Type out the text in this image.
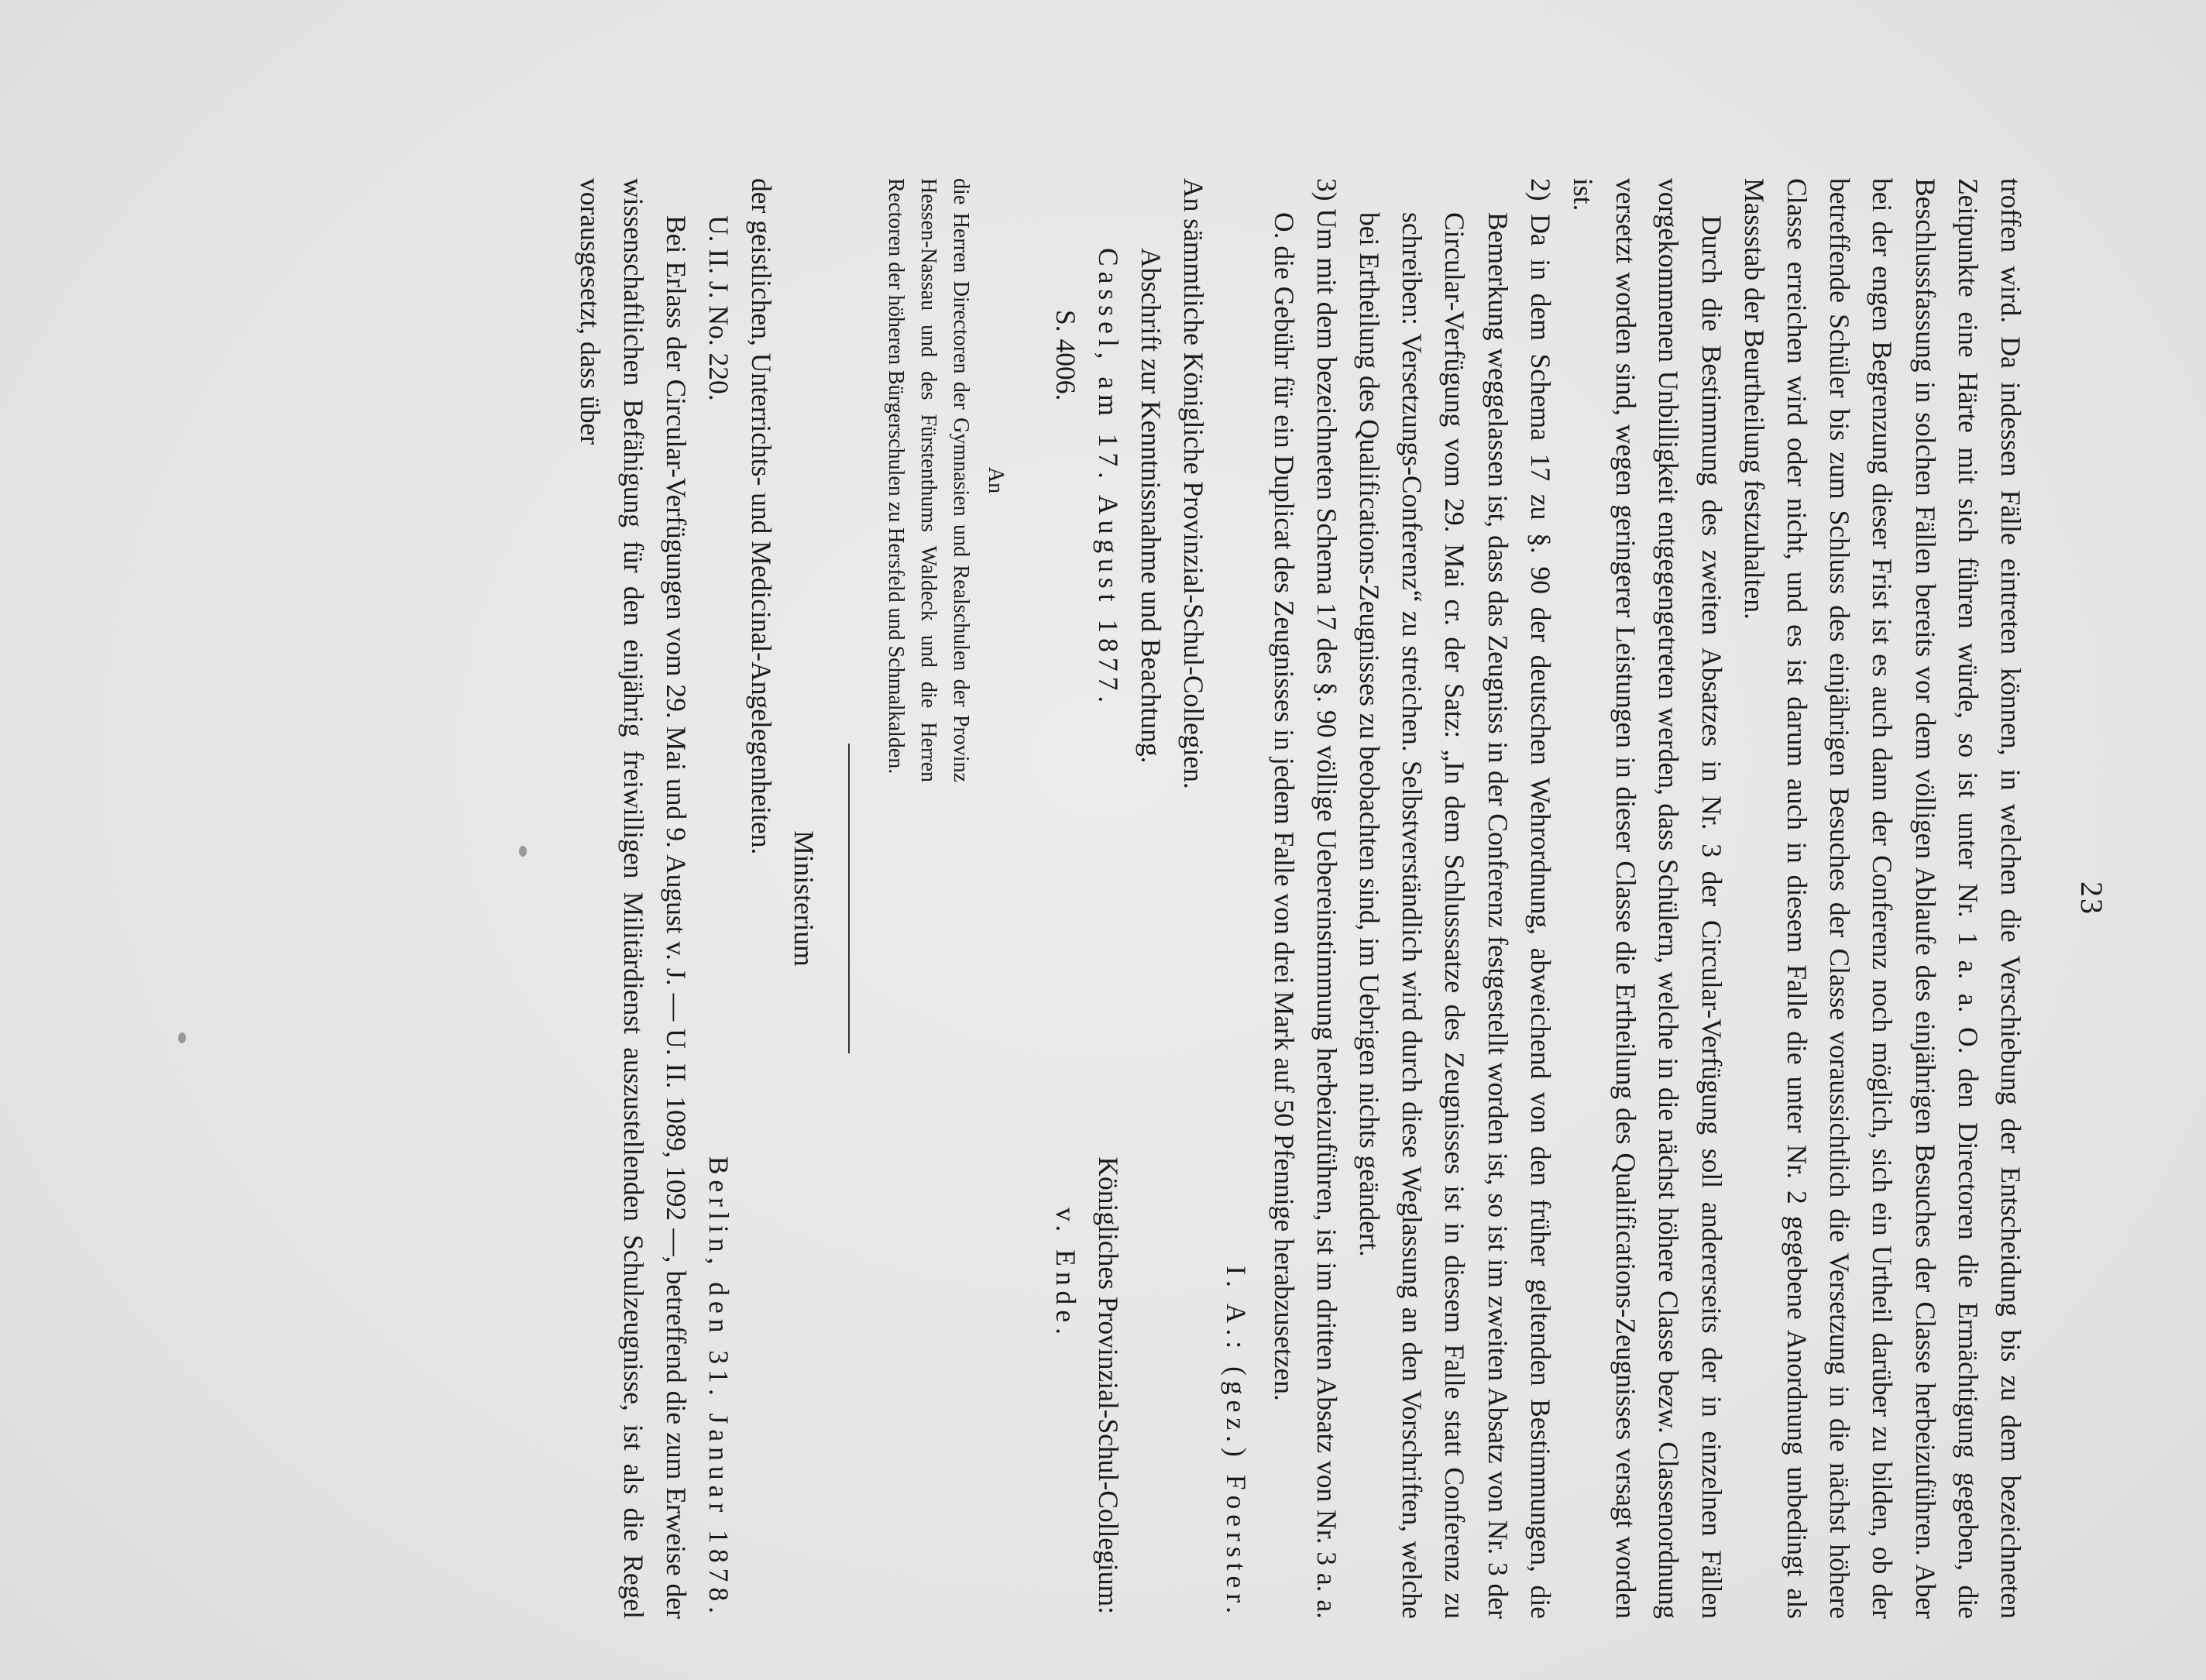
23

troffen wird. Da indessen Fälle eintreten können, in welchen die Verschiebung der Entscheidung bis zu dem bezeichneten Zeitpunkte eine Härte mit sich führen würde, so ist unter Nr. 1 a. a. O. den Directoren die Ermächtigung gegeben, die Beschlussfassung in solchen Fällen bereits vor dem völligen Ablaufe des einjährigen Besuches der Classe herbeizuführen. Aber bei der engen Begrenzung dieser Frist ist es auch dann der Conferenz noch möglich, sich ein Urtheil darüber zu bilden, ob der betreffende Schüler bis zum Schluss des einjährigen Besuches der Classe voraussichtlich die Versetzung in die nächst höhere Classe erreichen wird oder nicht, und es ist darum auch in diesem Falle die unter Nr. 2 gegebene Anordnung unbedingt als Massstab der Beurtheilung festzuhalten.

Durch die Bestimmung des zweiten Absatzes in Nr. 3 der Circular-Verfügung soll andererseits der in einzelnen Fällen vorgekommenen Unbilligkeit entgegengetreten werden, dass Schülern, welche in die nächst höhere Classe bezw. Classenordnung versetzt worden sind, wegen geringerer Leistungen in dieser Classe die Ertheilung des Qualifications-Zeugnisses versagt worden ist.

2) Da in dem Schema 17 zu §. 90 der deutschen Wehrordnung, abweichend von den früher geltenden Bestimmungen, die Bemerkung weggelassen ist, dass das Zeugniss in der Conferenz festgestellt worden ist, so ist im zweiten Absatz von Nr. 3 der Circular-Verfügung vom 29. Mai cr. der Satz: „In dem Schlusssatze des Zeugnisses ist in diesem Falle statt Conferenz zu schreiben: Versetzungs-Conferenz“ zu streichen. Selbstverständlich wird durch diese Weglassung an den Vorschriften, welche bei Ertheilung des Qualifications-Zeugnisses zu beobachten sind, im Uebrigen nichts geändert.

3) Um mit dem bezeichneten Schema 17 des §. 90 völlige Uebereinstimmung herbeizuführen, ist im dritten Absatz von Nr. 3 a. a. O. die Gebühr für ein Duplicat des Zeugnisses in jedem Falle von drei Mark auf 50 Pfennige herabzusetzen.

I. A.: (gez.) Foerster.

An sämmtliche Königliche Provinzial-Schul-Collegien.

Abschrift zur Kenntnissnahme und Beachtung.

Cassel, am 17. August 1877.
Königliches Provinzial-Schul-Collegium:
S. 4006.
v. Ende.
An
die Herren Directoren der Gymnasien und Realschulen der Provinz Hessen-Nassau und des Fürstenthums Waldeck und die Herren Rectoren der höheren Bürgerschulen zu Hersfeld und Schmalkalden.

Ministerium

der geistlichen, Unterrichts- und Medicinal-Angelegenheiten.

U. II. J. No. 220.
Berlin, den 31. Januar 1878.

Bei Erlass der Circular-Verfügungen vom 29. Mai und 9. August v. J. — U. II. 1089, 1092 —, betreffend die zum Erweise der wissenschaftlichen Befähigung für den einjährig freiwilligen Militärdienst auszustellenden Schulzeugnisse, ist als die Regel vorausgesetzt, dass über
